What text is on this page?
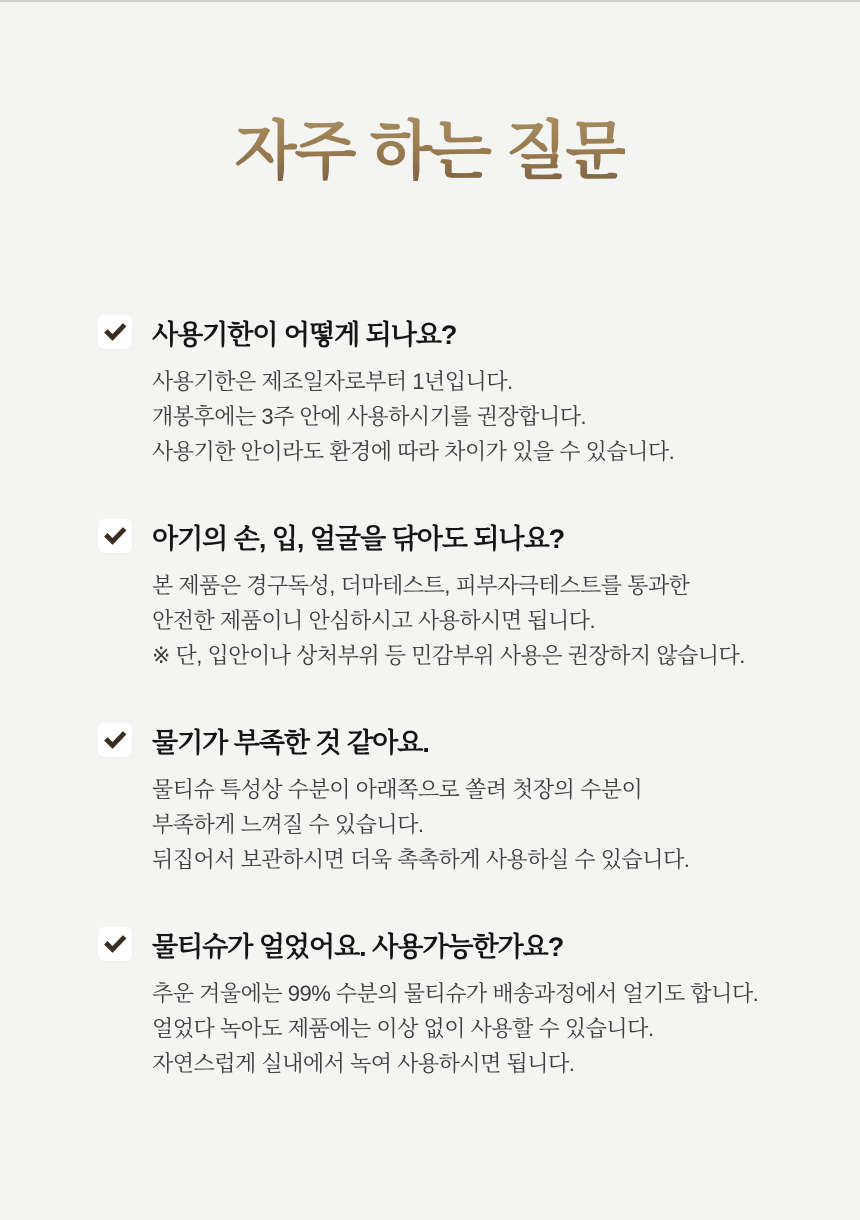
자주 하는 질문
사용기한이 어떻게 되나요?
사용기한은 제조일자로부터 1년입니다.
개봉후에는 3주 안에 사용하시기를 권장합니다.
사용기한 안이라도 환경에 따라 차이가 있을 수 있습니다.
아기의 손, 입, 얼굴을 닦아도 되나요?
본 제품은 경구독성, 더마테스트, 피부자극테스트를 통과한
안전한 제품이니 안심하시고 사용하시면 됩니다.
※ 단, 입안이나 상처부위 등 민감부위 사용은 권장하지 않습니다.
물기가 부족한 것 같아요.
물티슈 특성상 수분이 아래쪽으로 쏠려 첫장의 수분이
부족하게 느껴질 수 있습니다.
뒤집어서 보관하시면 더욱 촉촉하게 사용하실 수 있습니다.
물티슈가 얼었어요. 사용가능한가요?
추운 겨울에는 99% 수분의 물티슈가 배송과정에서 얼기도 합니다.
얼었다 녹아도 제품에는 이상 없이 사용할 수 있습니다.
자연스럽게 실내에서 녹여 사용하시면 됩니다.
